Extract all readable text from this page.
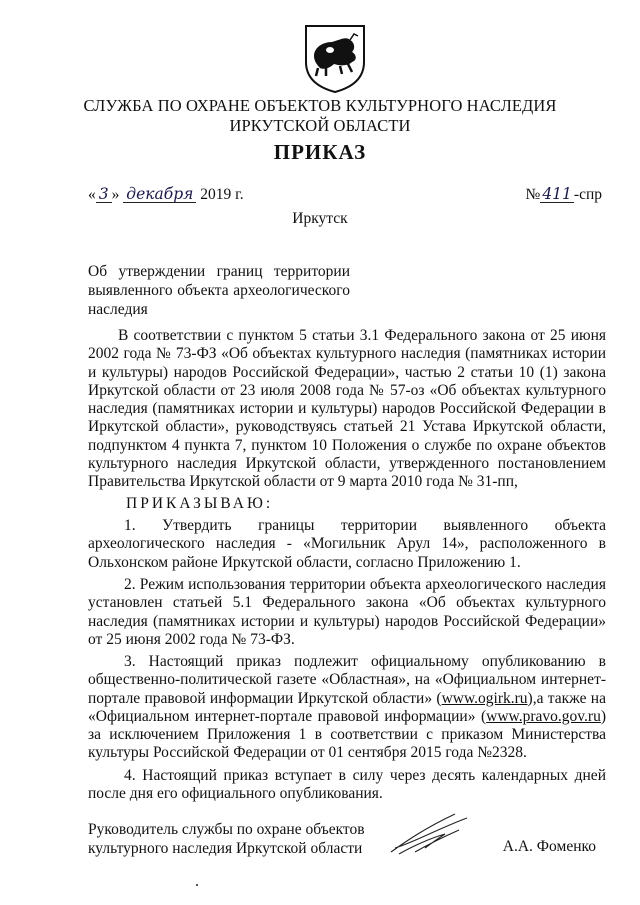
СЛУЖБА ПО ОХРАНЕ ОБЪЕКТОВ КУЛЬТУРНОГО НАСЛЕДИЯ
ИРКУТСКОЙ ОБЛАСТИ
ПРИКАЗ
« 3 » декабря 2019 г.	№ 411 -спр
Иркутск
Об утверждении границ территории выявленного объекта археологического наследия

В соответствии с пунктом 5 статьи 3.1 Федерального закона от 25 июня 2002 года № 73-ФЗ «Об объектах культурного наследия (памятниках истории и культуры) народов Российской Федерации», частью 2 статьи 10 (1) закона Иркутской области от 23 июля 2008 года № 57-оз «Об объектах культурного наследия (памятниках истории и культуры) народов Российской Федерации в Иркутской области», руководствуясь статьей 21 Устава Иркутской области, подпунктом 4 пункта 7, пунктом 10 Положения о службе по охране объектов культурного наследия Иркутской области, утвержденного постановлением Правительства Иркутской области от 9 марта 2010 года № 31-пп,

ПРИКАЗЫВАЮ:

1. Утвердить границы территории выявленного объекта археологического наследия - «Могильник Арул 14», расположенного в Ольхонском районе Иркутской области, согласно Приложению 1.

2. Режим использования территории объекта археологического наследия установлен статьей 5.1 Федерального закона «Об объектах культурного наследия (памятниках истории и культуры) народов Российской Федерации» от 25 июня 2002 года № 73-ФЗ.

3. Настоящий приказ подлежит официальному опубликованию в общественно-политической газете «Областная», на «Официальном интернет-портале правовой информации Иркутской области» (www.ogirk.ru),а также на «Официальном интернет-портале правовой информации» (www.pravo.gov.ru) за исключением Приложения 1 в соответствии с приказом Министерства культуры Российской Федерации от 01 сентября 2015 года №2328.

4. Настоящий приказ вступает в силу через десять календарных дней после дня его официального опубликования.

Руководитель службы по охране объектов
культурного наследия Иркутской области	А.А. Фоменко
